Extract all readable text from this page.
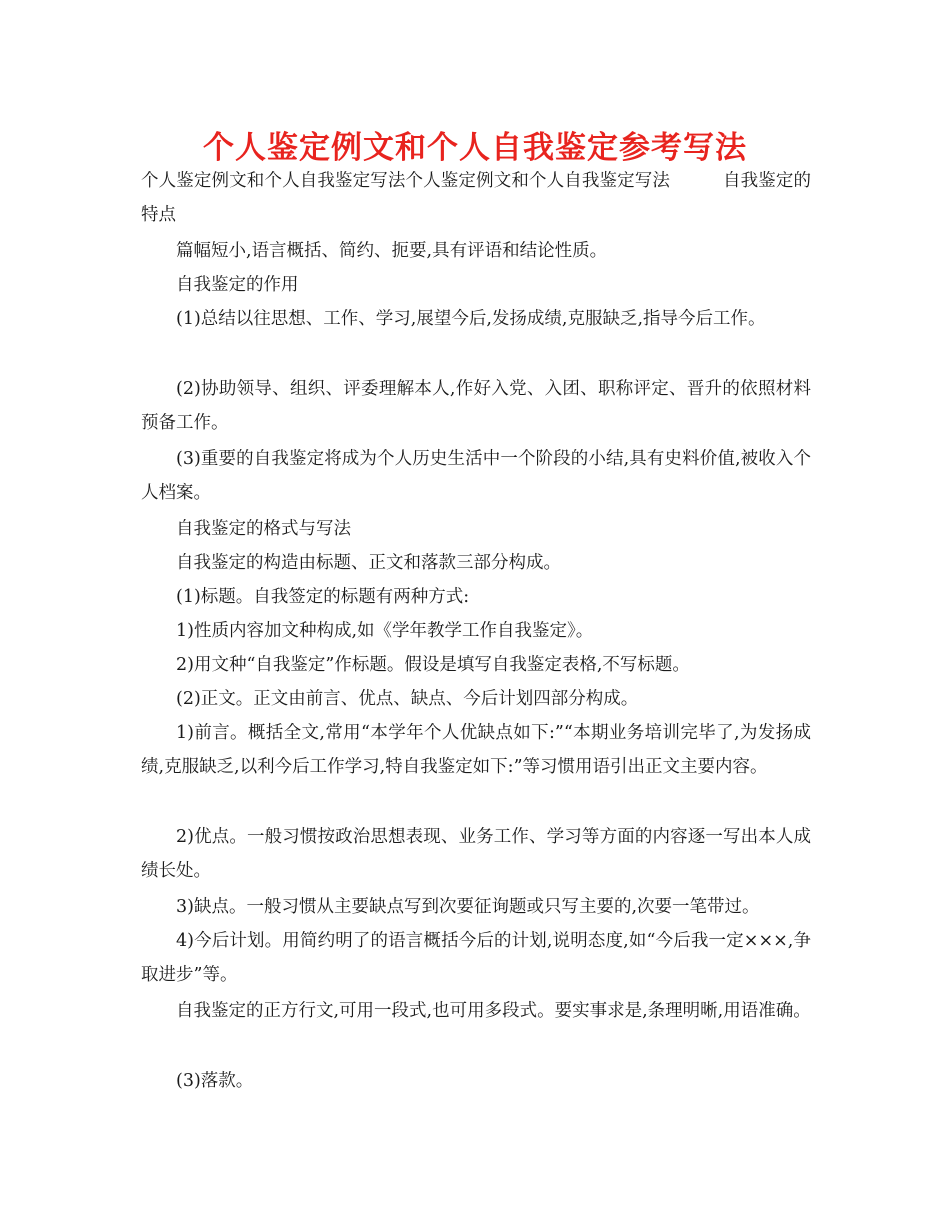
个人鉴定例文和个人自我鉴定参考写法

个人鉴定例文和个人自我鉴定写法个人鉴定例文和个人自我鉴定写法　　　自我鉴定的特点

篇幅短小,语言概括、简约、扼要,具有评语和结论性质。

自我鉴定的作用

(1)总结以往思想、工作、学习,展望今后,发扬成绩,克服缺乏,指导今后工作。

(2)协助领导、组织、评委理解本人,作好入党、入团、职称评定、晋升的依照材料预备工作。

(3)重要的自我鉴定将成为个人历史生活中一个阶段的小结,具有史料价值,被收入个人档案。

自我鉴定的格式与写法

自我鉴定的构造由标题、正文和落款三部分构成。

(1)标题。自我签定的标题有两种方式:

1)性质内容加文种构成,如《学年教学工作自我鉴定》。

2)用文种“自我鉴定”作标题。假设是填写自我鉴定表格,不写标题。

(2)正文。正文由前言、优点、缺点、今后计划四部分构成。

1)前言。概括全文,常用“本学年个人优缺点如下:”“本期业务培训完毕了,为发扬成绩,克服缺乏,以利今后工作学习,特自我鉴定如下:”等习惯用语引出正文主要内容。

2)优点。一般习惯按政治思想表现、业务工作、学习等方面的内容逐一写出本人成绩长处。

3)缺点。一般习惯从主要缺点写到次要征询题或只写主要的,次要一笔带过。

4)今后计划。用简约明了的语言概括今后的计划,说明态度,如“今后我一定×××,争取进步”等。

自我鉴定的正方行文,可用一段式,也可用多段式。要实事求是,条理明晰,用语准确。

(3)落款。
